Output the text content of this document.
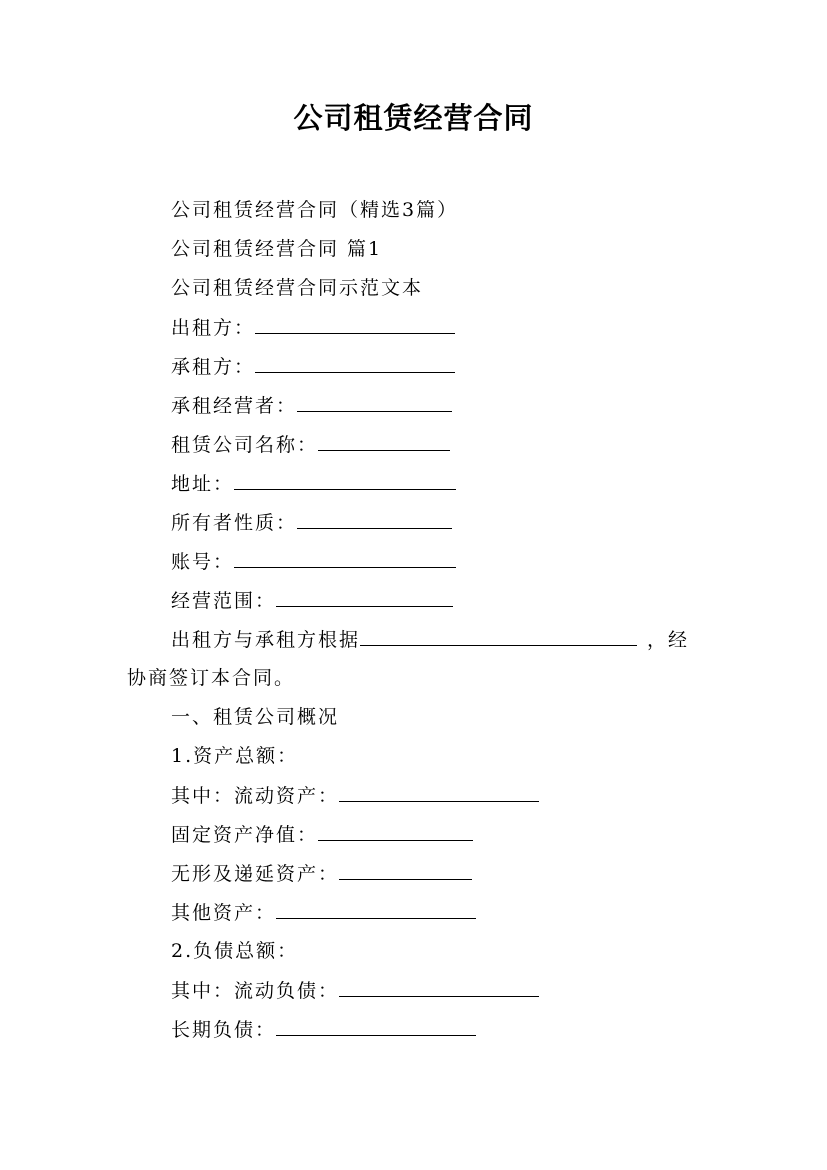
公司租赁经营合同
公司租赁经营合同（精选3篇）
公司租赁经营合同 篇1
公司租赁经营合同示范文本
出租方：
承租方：
承租经营者：
租赁公司名称：
地址：
所有者性质：
账号：
经营范围：
出租方与承租方根据	，经
协商签订本合同。
一、租赁公司概况
1.资产总额：
其中：流动资产：
固定资产净值：
无形及递延资产：
其他资产：
2.负债总额：
其中：流动负债：
长期负债：
